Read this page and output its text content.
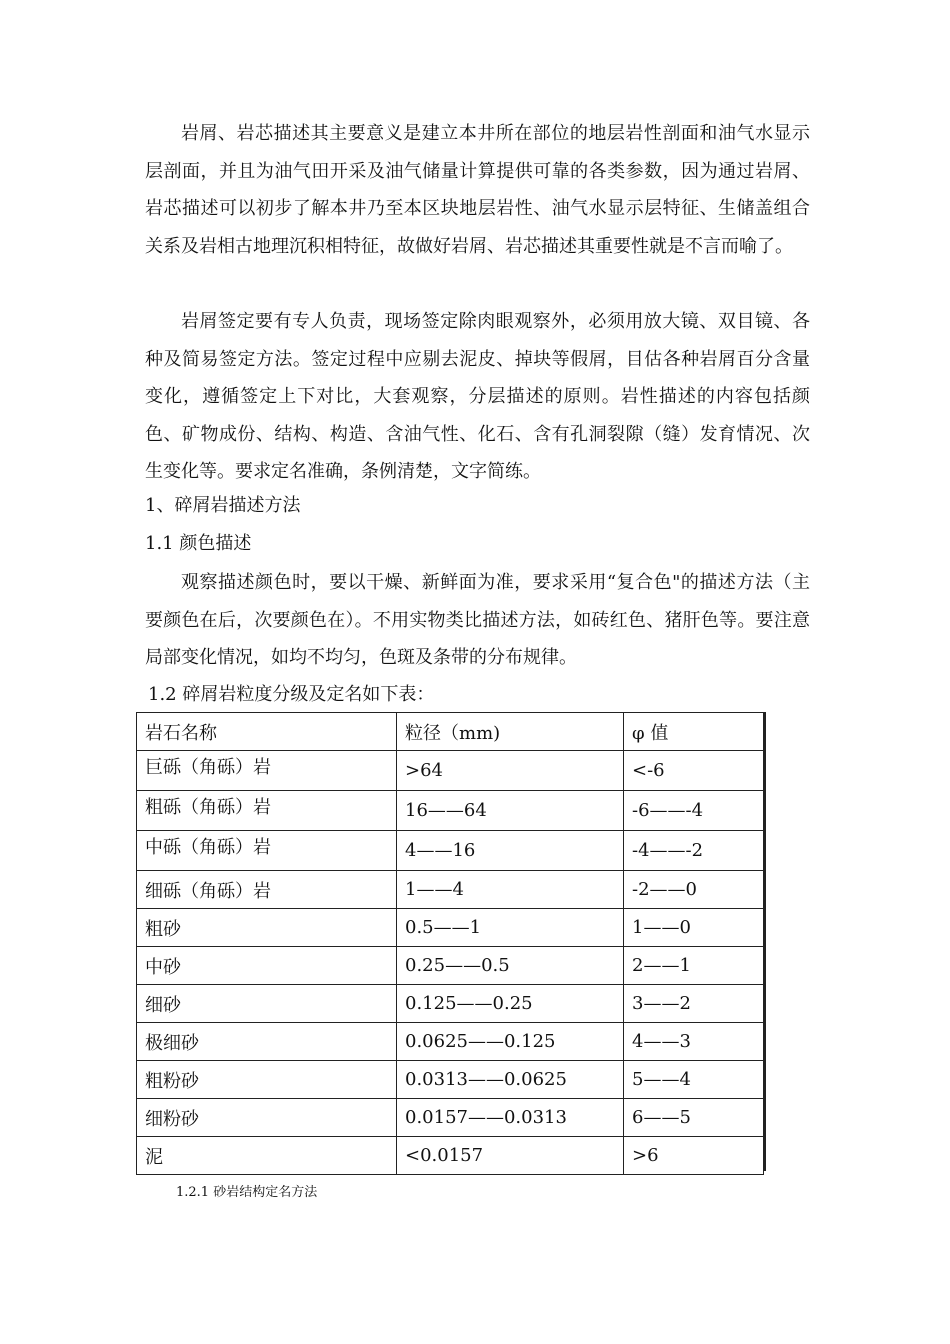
岩屑、岩芯描述其主要意义是建立本井所在部位的地层岩性剖面和油气水显示层剖面，并且为油气田开采及油气储量计算提供可靠的各类参数，因为通过岩屑、岩芯描述可以初步了解本井乃至本区块地层岩性、油气水显示层特征、生储盖组合关系及岩相古地理沉积相特征，故做好岩屑、岩芯描述其重要性就是不言而喻了。

岩屑签定要有专人负责，现场签定除肉眼观察外，必须用放大镜、双目镜、各种及简易签定方法。签定过程中应剔去泥皮、掉块等假屑，目估各种岩屑百分含量变化，遵循签定上下对比，大套观察，分层描述的原则。岩性描述的内容包括颜色、矿物成份、结构、构造、含油气性、化石、含有孔洞裂隙（缝）发育情况、次生变化等。要求定名准确，条例清楚，文字简练。

1、碎屑岩描述方法

1.1 颜色描述

观察描述颜色时，要以干燥、新鲜面为准，要求采用“复合色"的描述方法（主要颜色在后，次要颜色在）。不用实物类比描述方法，如砖红色、猪肝色等。要注意局部变化情况，如均不均匀，色斑及条带的分布规律。

1.2 碎屑岩粒度分级及定名如下表：

岩石名称	粒径（mm)	φ 值
巨砾（角砾）岩	>64	<-6
粗砾（角砾）岩	16——64	-6——-4
中砾（角砾）岩	4——16	-4——-2
细砾（角砾）岩	1——4	-2——0
粗砂	0.5——1	1——0
中砂	0.25——0.5	2——1
细砂	0.125——0.25	3——2
极细砂	0.0625——0.125	4——3
粗粉砂	0.0313——0.0625	5——4
细粉砂	0.0157——0.0313	6——5
泥	<0.0157	>6

1.2.1 砂岩结构定名方法
